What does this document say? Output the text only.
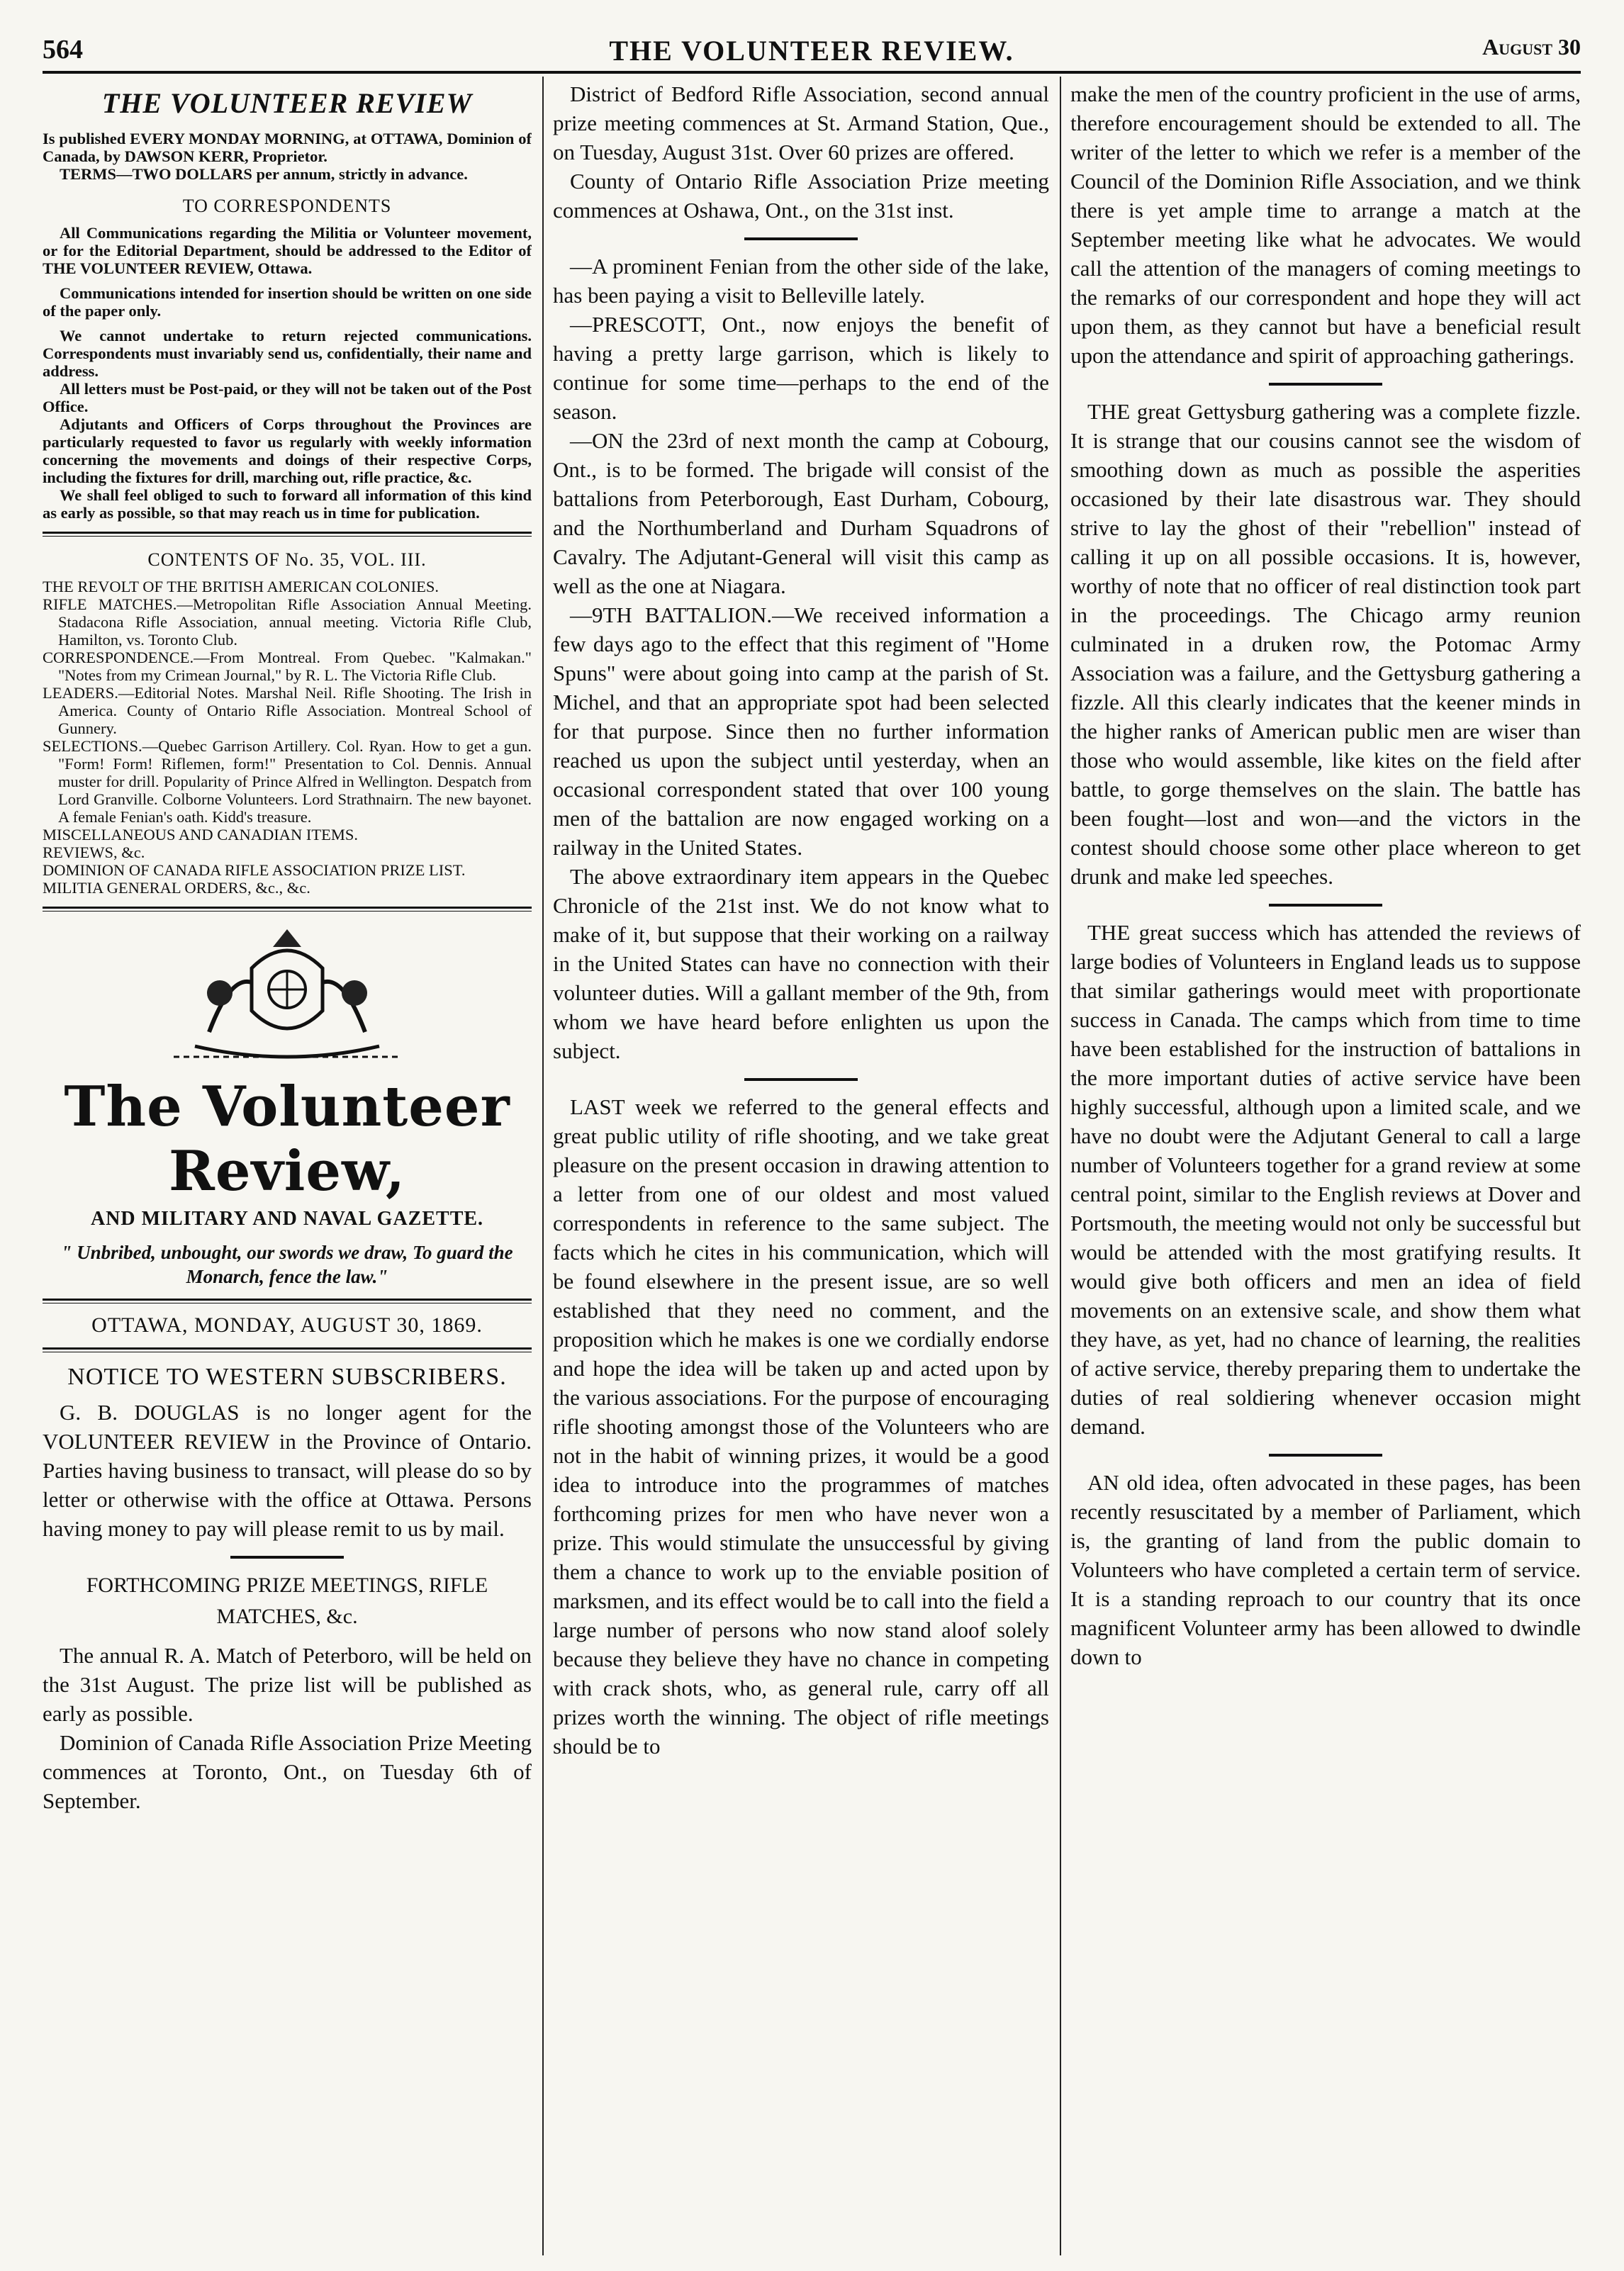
564	THE VOLUNTEER REVIEW.	August 30
THE VOLUNTEER REVIEW

Is published EVERY MONDAY MORNING, at OTTAWA, Dominion of Canada, by DAWSON KERR, Proprietor.

TERMS—TWO DOLLARS per annum, strictly in advance.

TO CORRESPONDENTS

All Communications regarding the Militia or Volunteer movement, or for the Editorial Department, should be addressed to the Editor of THE VOLUNTEER REVIEW, Ottawa.

Communications intended for insertion should be written on one side of the paper only.

We cannot undertake to return rejected communications. Correspondents must invariably send us, confidentially, their name and address.

All letters must be Post-paid, or they will not be taken out of the Post Office.

Adjutants and Officers of Corps throughout the Provinces are particularly requested to favor us regularly with weekly information concerning the movements and doings of their respective Corps, including the fixtures for drill, marching out, rifle practice, &c.

We shall feel obliged to such to forward all information of this kind as early as possible, so that may reach us in time for publication.

CONTENTS OF No. 35, VOL. III.

THE REVOLT OF THE BRITISH AMERICAN COLONIES.

RIFLE MATCHES.—Metropolitan Rifle Association Annual Meeting. Stadacona Rifle Association, annual meeting. Victoria Rifle Club, Hamilton, vs. Toronto Club.

CORRESPONDENCE.—From Montreal. From Quebec. "Kalmakan." "Notes from my Crimean Journal," by R. L. The Victoria Rifle Club.

LEADERS.—Editorial Notes. Marshal Neil. Rifle Shooting. The Irish in America. County of Ontario Rifle Association. Montreal School of Gunnery.

SELECTIONS.—Quebec Garrison Artillery. Col. Ryan. How to get a gun. "Form! Form! Riflemen, form!" Presentation to Col. Dennis. Annual muster for drill. Popularity of Prince Alfred in Wellington. Despatch from Lord Granville. Colborne Volunteers. Lord Strathnairn. The new bayonet. A female Fenian's oath. Kidd's treasure.

MISCELLANEOUS AND CANADIAN ITEMS.

REVIEWS, &c.

DOMINION OF CANADA RIFLE ASSOCIATION PRIZE LIST.

MILITIA GENERAL ORDERS, &c., &c.

The Volunteer Review,
AND MILITARY AND NAVAL GAZETTE.
" Unbribed, unbought, our swords we draw, To guard the Monarch, fence the law."
OTTAWA, MONDAY, AUGUST 30, 1869.
NOTICE TO WESTERN SUBSCRIBERS.

G. B. DOUGLAS is no longer agent for the VOLUNTEER REVIEW in the Province of Ontario. Parties having business to transact, will please do so by letter or otherwise with the office at Ottawa. Persons having money to pay will please remit to us by mail.

FORTHCOMING PRIZE MEETINGS, RIFLE MATCHES, &c.

The annual R. A. Match of Peterboro, will be held on the 31st August. The prize list will be published as early as possible.

Dominion of Canada Rifle Association Prize Meeting commences at Toronto, Ont., on Tuesday 6th of September.

District of Bedford Rifle Association, second annual prize meeting commences at St. Armand Station, Que., on Tuesday, August 31st. Over 60 prizes are offered.

County of Ontario Rifle Association Prize meeting commences at Oshawa, Ont., on the 31st inst.

—A prominent Fenian from the other side of the lake, has been paying a visit to Belleville lately.

—PRESCOTT, Ont., now enjoys the benefit of having a pretty large garrison, which is likely to continue for some time—perhaps to the end of the season.

—ON the 23rd of next month the camp at Cobourg, Ont., is to be formed. The brigade will consist of the battalions from Peterborough, East Durham, Cobourg, and the Northumberland and Durham Squadrons of Cavalry. The Adjutant-General will visit this camp as well as the one at Niagara.

—9TH BATTALION.—We received information a few days ago to the effect that this regiment of "Home Spuns" were about going into camp at the parish of St. Michel, and that an appropriate spot had been selected for that purpose. Since then no further information reached us upon the subject until yesterday, when an occasional correspondent stated that over 100 young men of the battalion are now engaged working on a railway in the United States.

The above extraordinary item appears in the Quebec Chronicle of the 21st inst. We do not know what to make of it, but suppose that their working on a railway in the United States can have no connection with their volunteer duties. Will a gallant member of the 9th, from whom we have heard before enlighten us upon the subject.

LAST week we referred to the general effects and great public utility of rifle shooting, and we take great pleasure on the present occasion in drawing attention to a letter from one of our oldest and most valued correspondents in reference to the same subject. The facts which he cites in his communication, which will be found elsewhere in the present issue, are so well established that they need no comment, and the proposition which he makes is one we cordially endorse and hope the idea will be taken up and acted upon by the various associations. For the purpose of encouraging rifle shooting amongst those of the Volunteers who are not in the habit of winning prizes, it would be a good idea to introduce into the programmes of matches forthcoming prizes for men who have never won a prize. This would stimulate the unsuccessful by giving them a chance to work up to the enviable position of marksmen, and its effect would be to call into the field a large number of persons who now stand aloof solely because they believe they have no chance in competing with crack shots, who, as general rule, carry off all prizes worth the winning. The object of rifle meetings should be to

make the men of the country proficient in the use of arms, therefore encouragement should be extended to all. The writer of the letter to which we refer is a member of the Council of the Dominion Rifle Association, and we think there is yet ample time to arrange a match at the September meeting like what he advocates. We would call the attention of the managers of coming meetings to the remarks of our correspondent and hope they will act upon them, as they cannot but have a beneficial result upon the attendance and spirit of approaching gatherings.

THE great Gettysburg gathering was a complete fizzle. It is strange that our cousins cannot see the wisdom of smoothing down as much as possible the asperities occasioned by their late disastrous war. They should strive to lay the ghost of their "rebellion" instead of calling it up on all possible occasions. It is, however, worthy of note that no officer of real distinction took part in the proceedings. The Chicago army reunion culminated in a druken row, the Potomac Army Association was a failure, and the Gettysburg gathering a fizzle. All this clearly indicates that the keener minds in the higher ranks of American public men are wiser than those who would assemble, like kites on the field after battle, to gorge themselves on the slain. The battle has been fought—lost and won—and the victors in the contest should choose some other place whereon to get drunk and make led speeches.

THE great success which has attended the reviews of large bodies of Volunteers in England leads us to suppose that similar gatherings would meet with proportionate success in Canada. The camps which from time to time have been established for the instruction of battalions in the more important duties of active service have been highly successful, although upon a limited scale, and we have no doubt were the Adjutant General to call a large number of Volunteers together for a grand review at some central point, similar to the English reviews at Dover and Portsmouth, the meeting would not only be successful but would be attended with the most gratifying results. It would give both officers and men an idea of field movements on an extensive scale, and show them what they have, as yet, had no chance of learning, the realities of active service, thereby preparing them to undertake the duties of real soldiering whenever occasion might demand.

AN old idea, often advocated in these pages, has been recently resuscitated by a member of Parliament, which is, the granting of land from the public domain to Volunteers who have completed a certain term of service. It is a standing reproach to our country that its once magnificent Volunteer army has been allowed to dwindle down to
